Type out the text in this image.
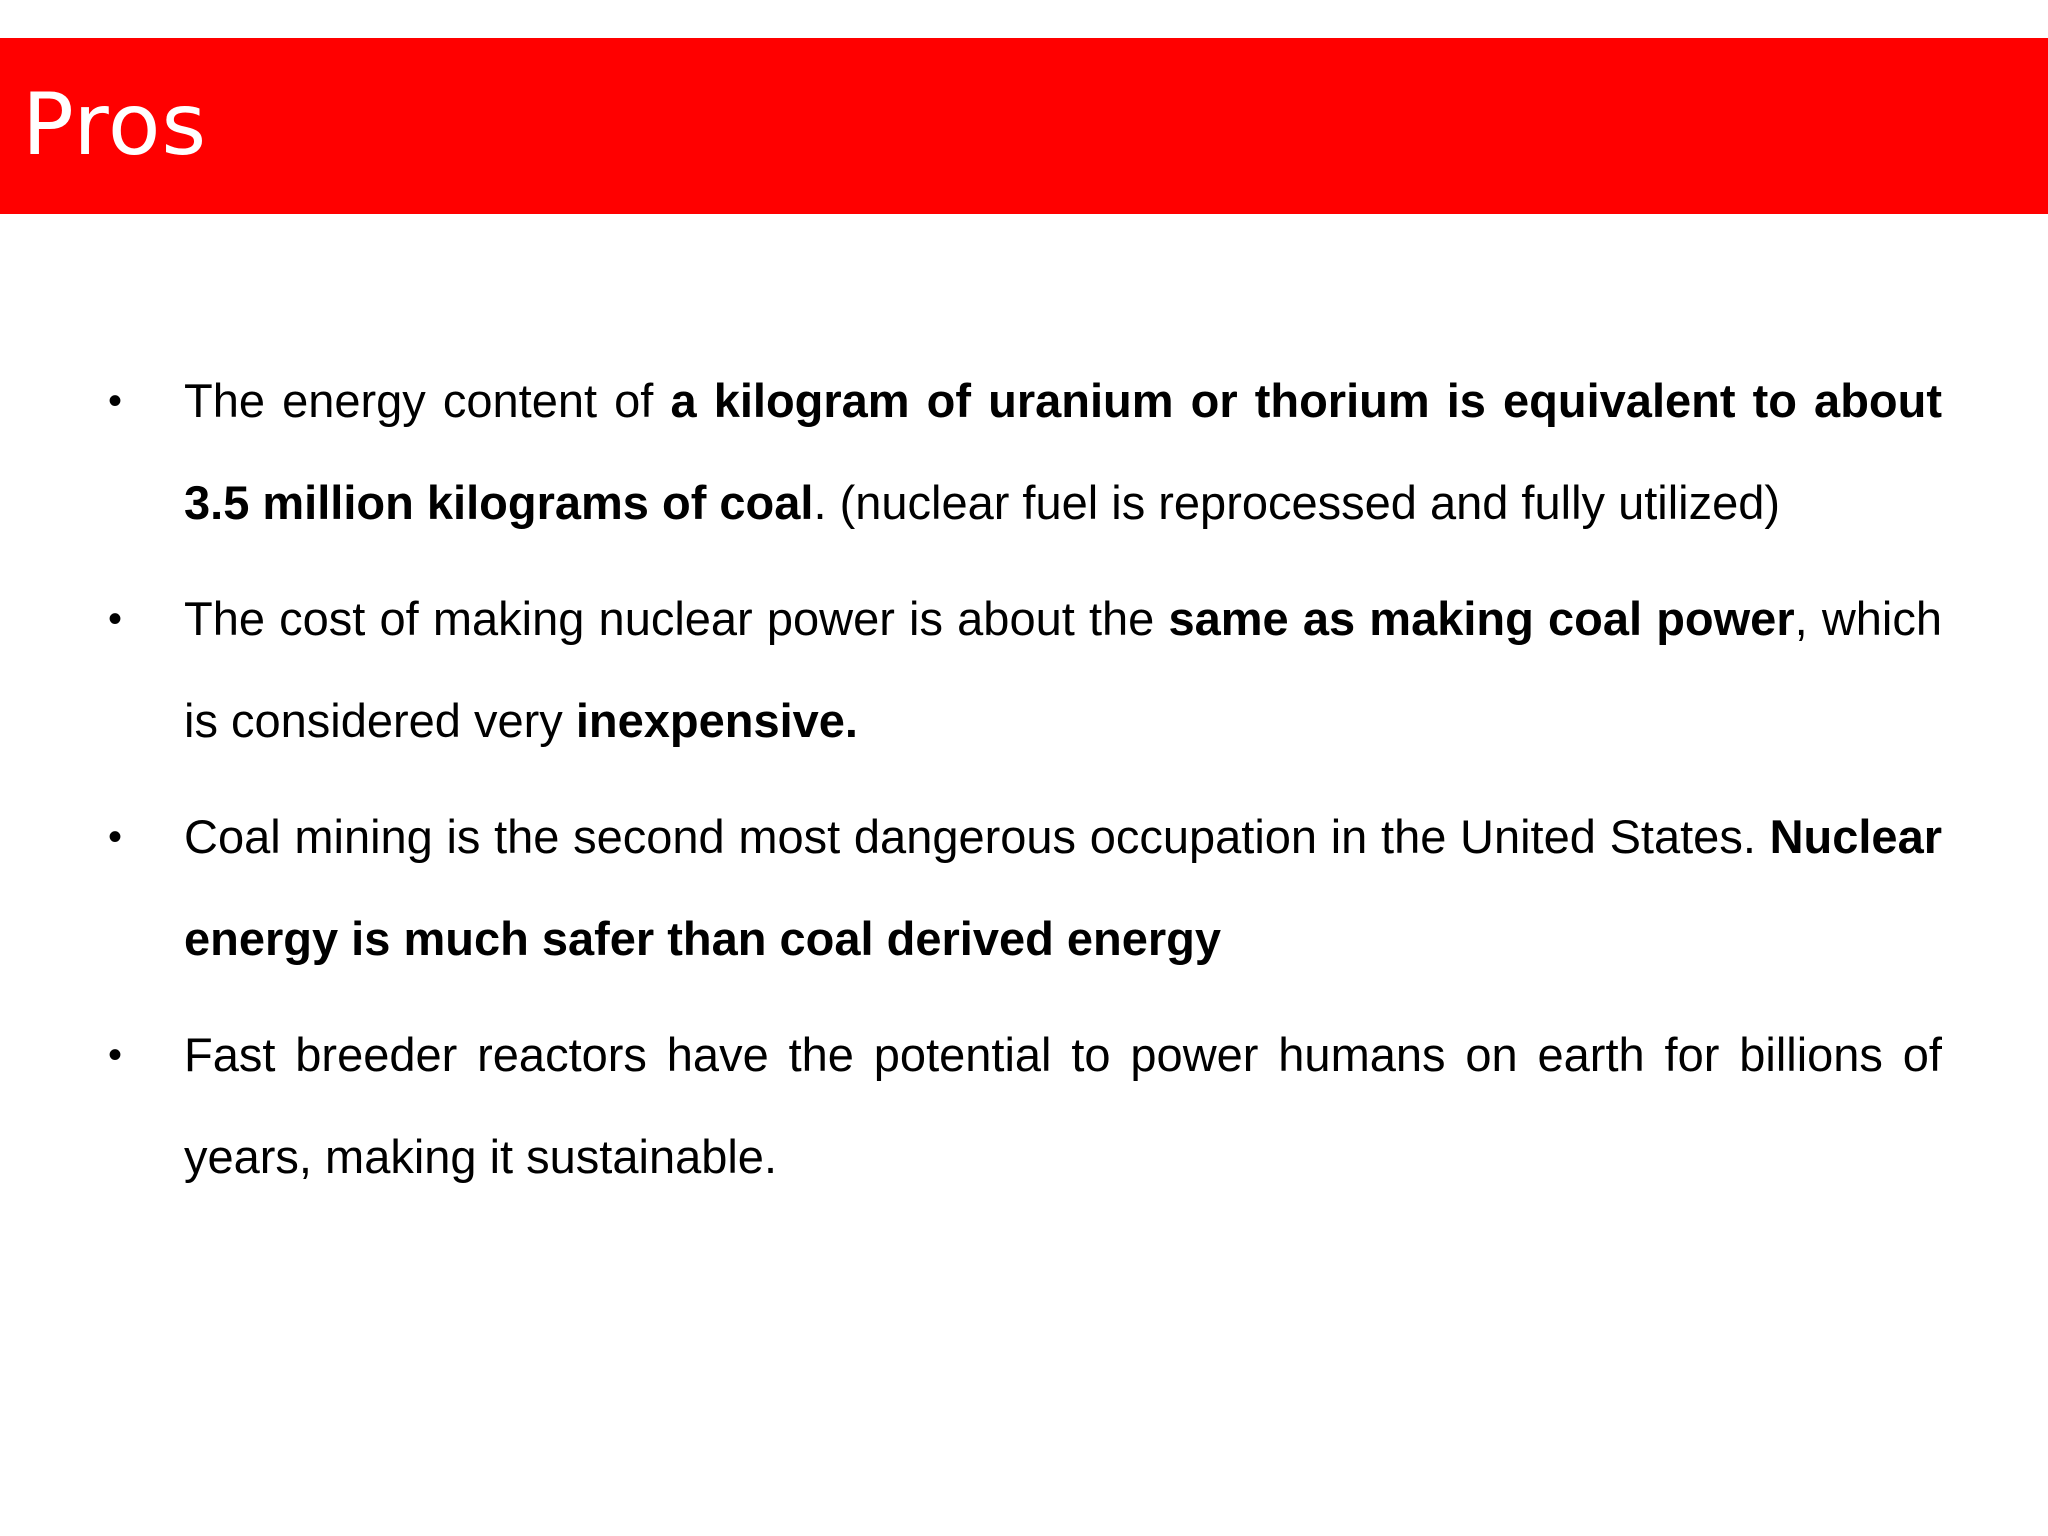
Pros
• The energy content of a kilogram of uranium or thorium is equivalent to about 3.5 million kilograms of coal. (nuclear fuel is reprocessed and fully utilized)
• The cost of making nuclear power is about the same as making coal power, which is considered very inexpensive.
• Coal mining is the second most dangerous occupation in the United States. Nuclear energy is much safer than coal derived energy
• Fast breeder reactors have the potential to power humans on earth for billions of years, making it sustainable.
